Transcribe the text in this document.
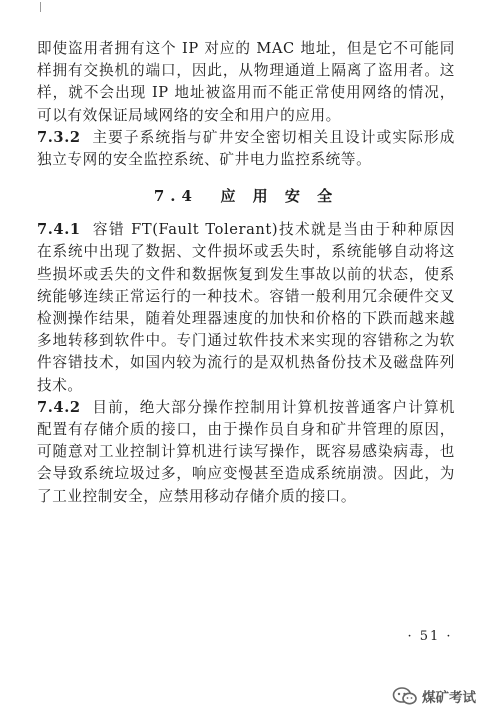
即使盗用者拥有这个 IP 对应的 MAC 地址，但是它不可能同样拥有交换机的端口，因此，从物理通道上隔离了盗用者。这样，就不会出现 IP 地址被盗用而不能正常使用网络的情况，可以有效保证局域网络的安全和用户的应用。

7.3.2 主要子系统指与矿井安全密切相关且设计或实际形成独立专网的安全监控系统、矿井电力监控系统等。

7.4 应 用 安 全

7.4.1 容错 FT(Fault Tolerant)技术就是当由于种种原因在系统中出现了数据、文件损坏或丢失时，系统能够自动将这些损坏或丢失的文件和数据恢复到发生事故以前的状态，使系统能够连续正常运行的一种技术。容错一般利用冗余硬件交叉检测操作结果，随着处理器速度的加快和价格的下跌而越来越多地转移到软件中。专门通过软件技术来实现的容错称之为软件容错技术，如国内较为流行的是双机热备份技术及磁盘阵列技术。

7.4.2 目前，绝大部分操作控制用计算机按普通客户计算机配置有存储介质的接口，由于操作员自身和矿井管理的原因，可随意对工业控制计算机进行读写操作，既容易感染病毒，也会导致系统垃圾过多，响应变慢甚至造成系统崩溃。因此，为了工业控制安全，应禁用移动存储介质的接口。

· 51 ·
煤矿考试
